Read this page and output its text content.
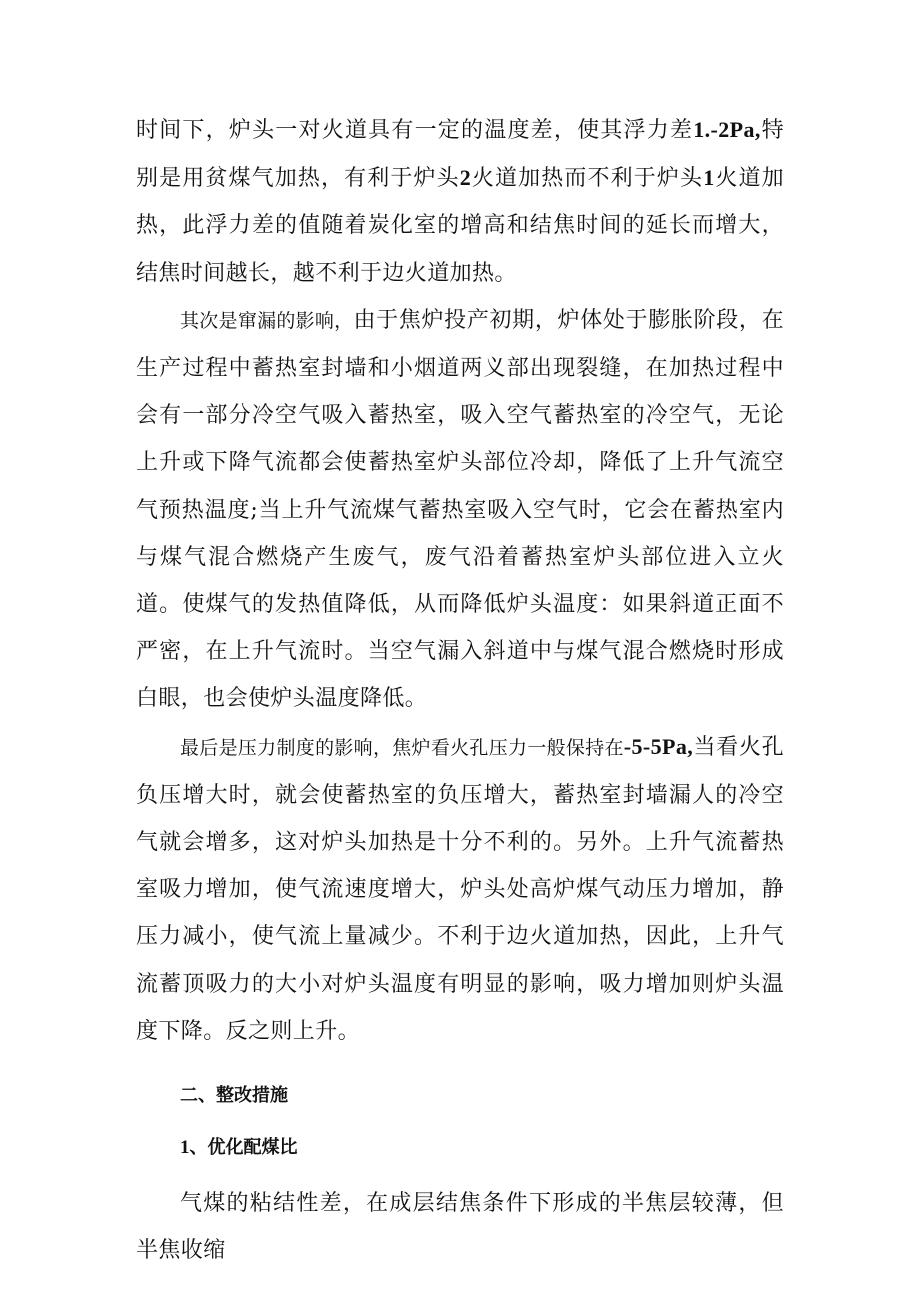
时间下，炉头一对火道具有一定的温度差，使其浮力差1.-2Pa,特别是用贫煤气加热，有利于炉头2火道加热而不利于炉头1火道加热，此浮力差的值随着炭化室的增高和结焦时间的延长而增大，结焦时间越长，越不利于边火道加热。

其次是窜漏的影响，由于焦炉投产初期，炉体处于膨胀阶段，在生产过程中蓄热室封墙和小烟道两义部出现裂缝，在加热过程中会有一部分冷空气吸入蓄热室，吸入空气蓄热室的冷空气，无论上升或下降气流都会使蓄热室炉头部位冷却，降低了上升气流空气预热温度;当上升气流煤气蓄热室吸入空气时，它会在蓄热室内与煤气混合燃烧产生废气，废气沿着蓄热室炉头部位进入立火道。使煤气的发热值降低，从而降低炉头温度：如果斜道正面不严密，在上升气流时。当空气漏入斜道中与煤气混合燃烧时形成白眼，也会使炉头温度降低。

最后是压力制度的影响，焦炉看火孔压力一般保持在-5-5Pa,当看火孔负压增大时，就会使蓄热室的负压增大，蓄热室封墙漏人的冷空气就会增多，这对炉头加热是十分不利的。另外。上升气流蓄热室吸力增加，使气流速度增大，炉头处高炉煤气动压力增加，静压力减小，使气流上量减少。不利于边火道加热，因此，上升气流蓄顶吸力的大小对炉头温度有明显的影响，吸力增加则炉头温度下降。反之则上升。

二、整改措施
1、优化配煤比

气煤的粘结性差，在成层结焦条件下形成的半焦层较薄，但半焦收缩
